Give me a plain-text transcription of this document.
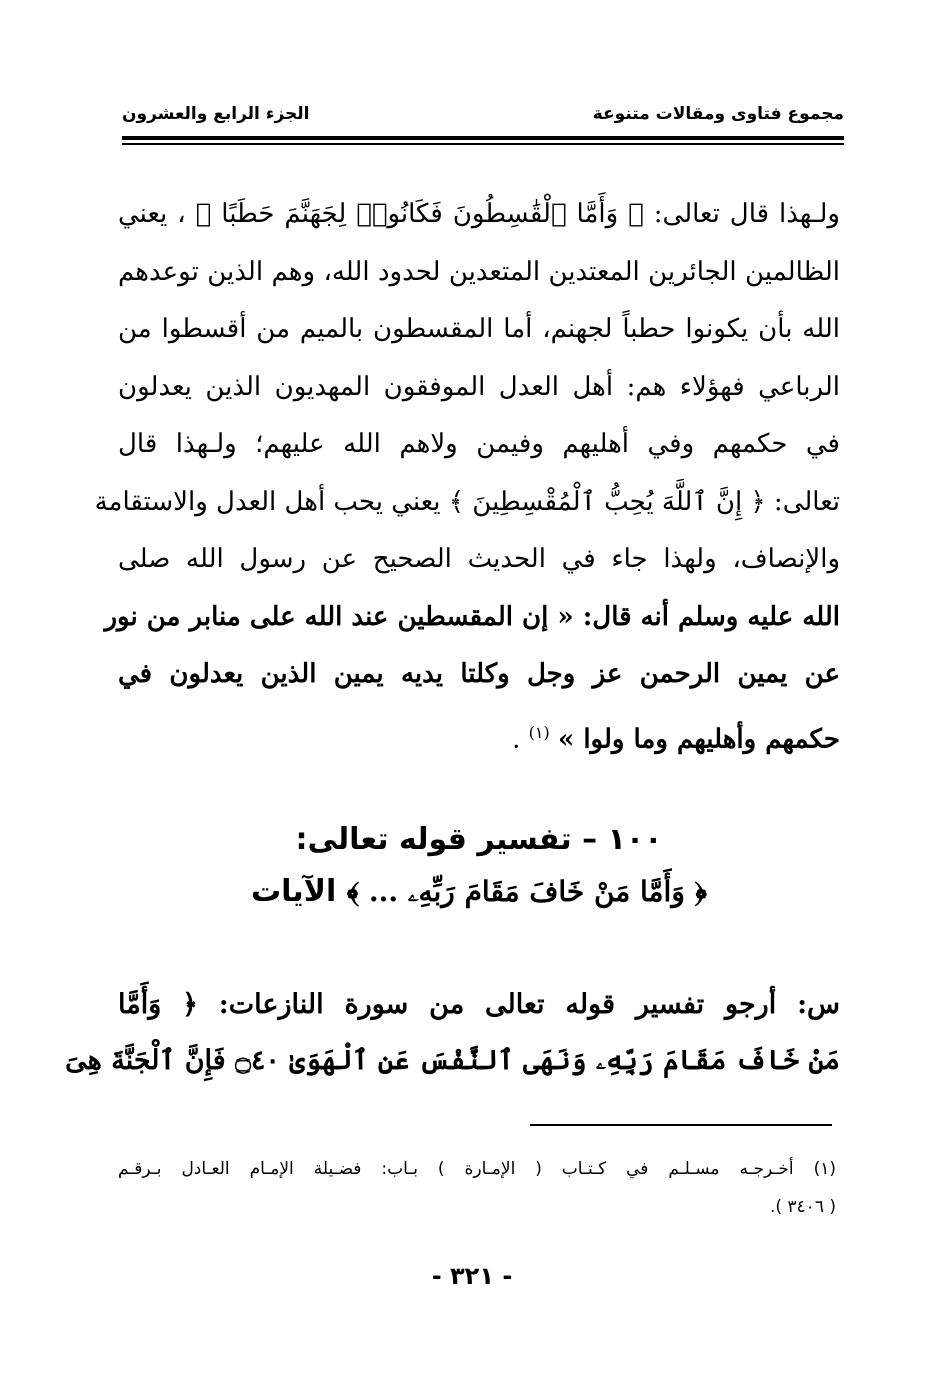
مجموع فتاوى ومقالات متنوعة
الجزء الرابع والعشرون
ولـهذا قال تعالى: ﴿ وَأَمَّا ٱلْقَٰسِطُونَ فَكَانُوا۟ لِجَهَنَّمَ حَطَبًا ﴾ ، يعني
الظالمين الجائرين المعتدين المتعدين لحدود الله، وهم الذين توعدهم
الله بأن يكونوا حطباً لجهنم، أما المقسطون بالميم من أقسطوا من
الرباعي فهؤلاء هم: أهل العدل الموفقون المهديون الذين يعدلون
في حكمهم وفي أهليهم وفيمن ولاهم الله عليهم؛ ولـهذا قال
تعالى: ﴿ إِنَّ ٱللَّهَ يُحِبُّ ٱلْمُقْسِطِينَ ﴾ يعني يحب أهل العدل والاستقامة
والإنصاف، ولهذا جاء في الحديث الصحيح عن رسول الله صلى
الله عليه وسلم أنه قال: « إن المقسطين عند الله على منابر من نور
عن يمين الرحمن عز وجل وكلتا يديه يمين الذين يعدلون في
حكمهم وأهليهم وما ولوا » $^{(١)}$ .
١٠٠ – تفسير قوله تعالى:
﴿ وَأَمَّا مَنْ خَافَ مَقَامَ رَبِّهِۦ ... ﴾ الآيات
س: أرجو تفسير قوله تعالى من سورة النازعات: ﴿ وَأَمَّا
مَنْ خَافَ مَقَامَ رَبِّهِۦ وَنَهَى ٱلنَّفْسَ عَنِ ٱلْهَوَىٰ ۝٤٠ فَإِنَّ ٱلْجَنَّةَ هِىَ
(١) أخـرجـه مسـلـم في كـتـاب ( الإمـارة ) بـاب: فضـيلة الإمـام العـادل بـرقـم
( ٣٤٠٦ ).
- ٣٢١ -
